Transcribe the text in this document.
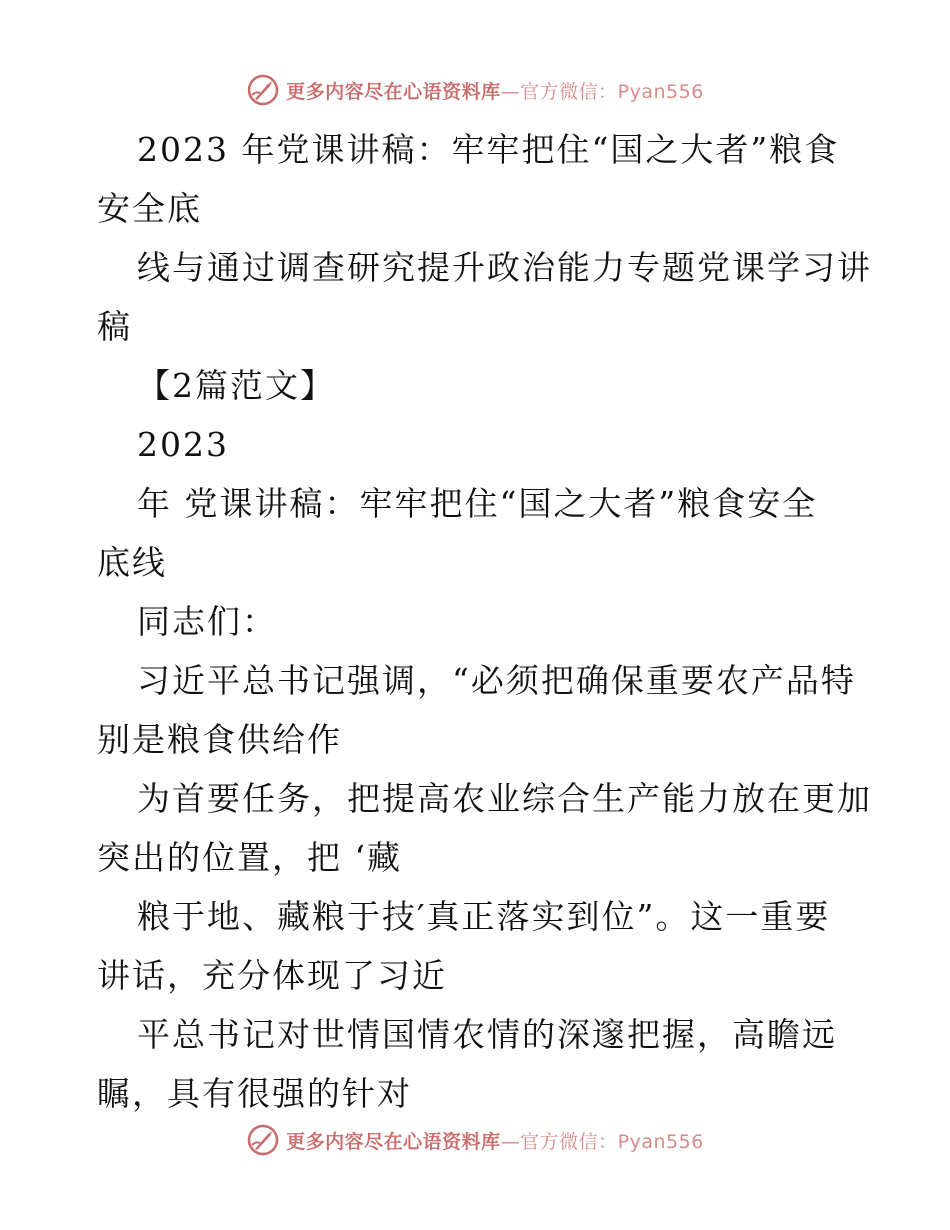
更多内容尽在心语资料库—官方微信：Pyan556
2023 年党课讲稿：牢牢把住“国之大者”粮食
安全底
线与通过调查研究提升政治能力专题党课学习讲
稿
【2篇范文】
2023
年 党课讲稿：牢牢把住“国之大者”粮食安全
底线
同志们：
习近平总书记强调，“必须把确保重要农产品特
别是粮食供给作
为首要任务，把提高农业综合生产能力放在更加
突出的位置，把 ‘藏
粮于地、藏粮于技′真正落实到位”。这一重要
讲话，充分体现了习近
平总书记对世情国情农情的深邃把握，高瞻远
瞩，具有很强的针对
更多内容尽在心语资料库—官方微信：Pyan556
